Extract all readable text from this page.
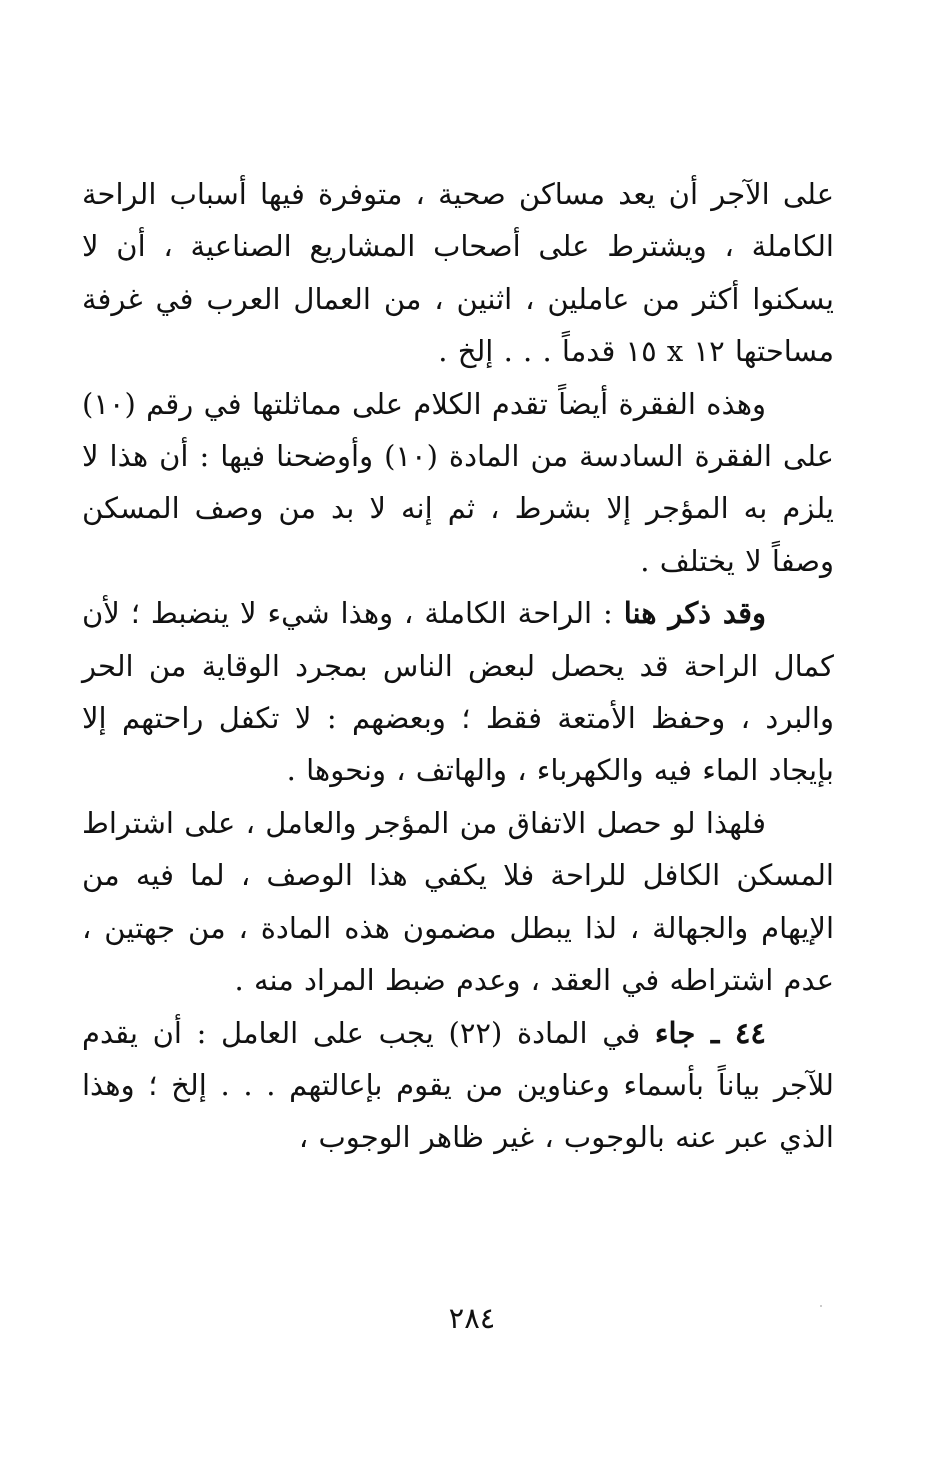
على الآجر أن يعد مساكن صحية ، متوفرة فيها أسباب الراحة الكاملة ، ويشترط على أصحاب المشاريع الصناعية ، أن لا يسكنوا أكثر من عاملين ، اثنين ، من العمال العرب في غرفة مساحتها ١٢ x ١٥ قدماً . . . إلخ .

وهذه الفقرة أيضاً تقدم الكلام على مماثلتها في رقم (١٠) على الفقرة السادسة من المادة (١٠) وأوضحنا فيها : أن هذا لا يلزم به المؤجر إلا بشرط ، ثم إنه لا بد من وصف المسكن وصفاً لا يختلف .

وقد ذكر هنا : الراحة الكاملة ، وهذا شيء لا ينضبط ؛ لأن كمال الراحة قد يحصل لبعض الناس بمجرد الوقاية من الحر والبرد ، وحفظ الأمتعة فقط ؛ وبعضهم : لا تكفل راحتهم إلا بإيجاد الماء فيه والكهرباء ، والهاتف ، ونحوها .

فلهذا لو حصل الاتفاق من المؤجر والعامل ، على اشتراط المسكن الكافل للراحة فلا يكفي هذا الوصف ، لما فيه من الإيهام والجهالة ، لذا يبطل مضمون هذه المادة ، من جهتين ، عدم اشتراطه في العقد ، وعدم ضبط المراد منه .

٤٤ ـ جاء في المادة (٢٢) يجب على العامل : أن يقدم للآجر بياناً بأسماء وعناوين من يقوم بإعالتهم . . . إلخ ؛ وهذا الذي عبر عنه بالوجوب ، غير ظاهر الوجوب ،

٢٨٤
